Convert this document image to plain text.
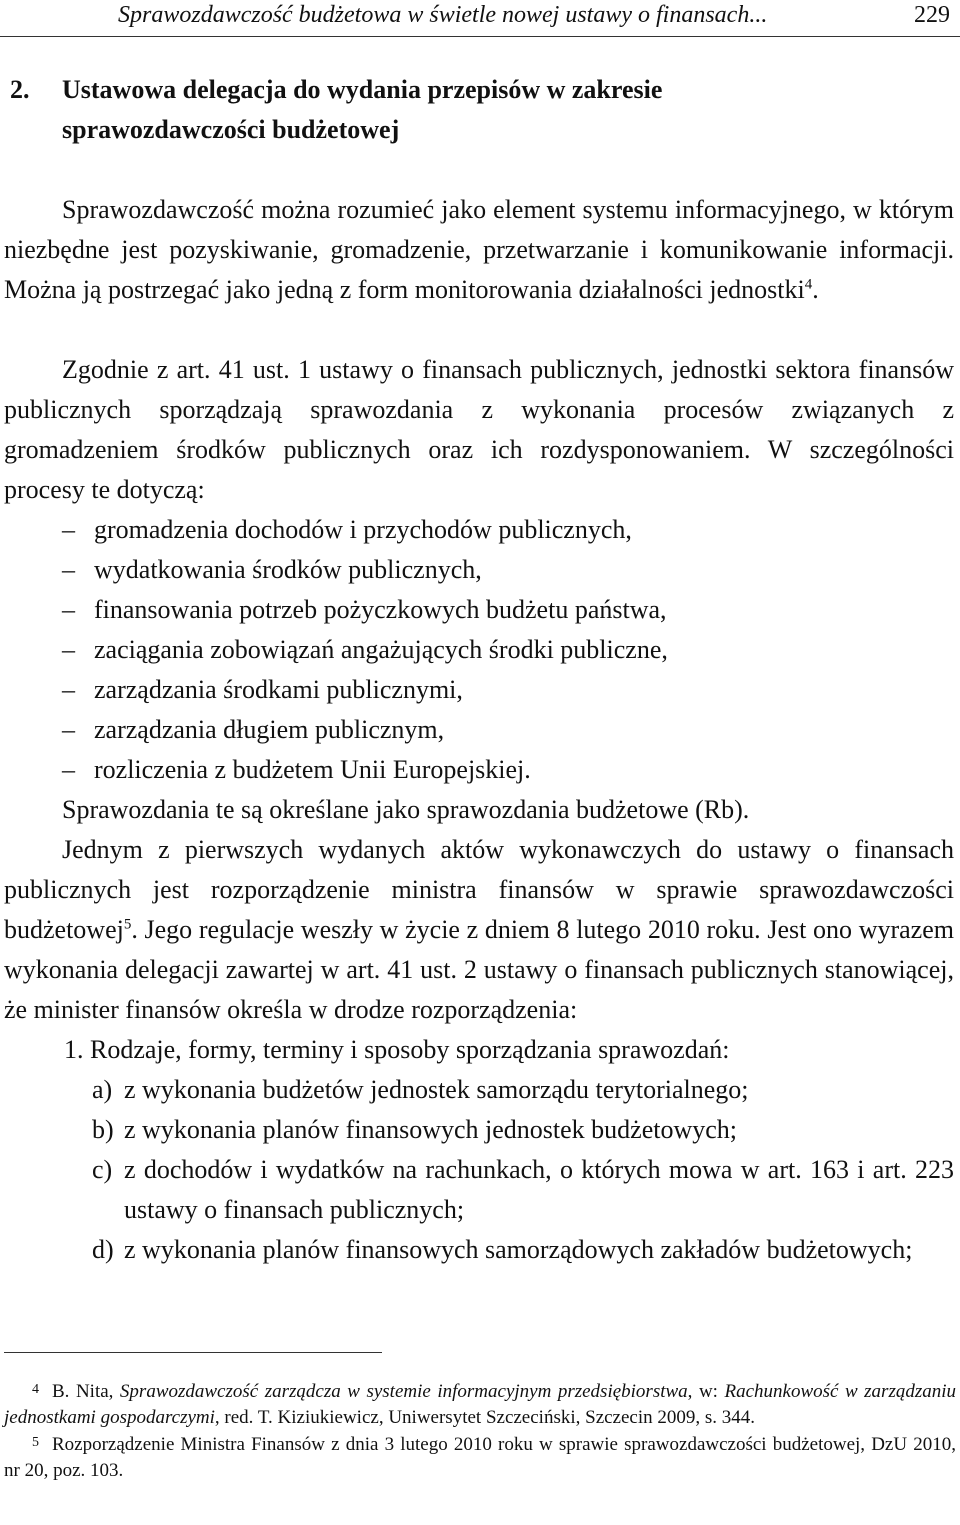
Sprawozdawczość budżetowa w świetle nowej ustawy o finansach...	229
2. Ustawowa delegacja do wydania przepisów w zakresie
sprawozdawczości budżetowej

Sprawozdawczość można rozumieć jako element systemu informacyjnego, w którym niezbędne jest pozyskiwanie, gromadzenie, przetwarzanie i komunikowanie informacji. Można ją postrzegać jako jedną z form monitorowania działalności jednostki$^4$.

Zgodnie z art. 41 ust. 1 ustawy o finansach publicznych, jednostki sektora finansów publicznych sporządzają sprawozdania z wykonania procesów związanych z gromadzeniem środków publicznych oraz ich rozdysponowaniem. W szczególności procesy te dotyczą:

– gromadzenia dochodów i przychodów publicznych,
– wydatkowania środków publicznych,
– finansowania potrzeb pożyczkowych budżetu państwa,
– zaciągania zobowiązań angażujących środki publiczne,
– zarządzania środkami publicznymi,
– zarządzania długiem publicznym,
– rozliczenia z budżetem Unii Europejskiej.

Sprawozdania te są określane jako sprawozdania budżetowe (Rb).

Jednym z pierwszych wydanych aktów wykonawczych do ustawy o finansach publicznych jest rozporządzenie ministra finansów w sprawie sprawozdawczości budżetowej$^5$. Jego regulacje weszły w życie z dniem 8 lutego 2010 roku. Jest ono wyrazem wykonania delegacji zawartej w art. 41 ust. 2 ustawy o finansach publicznych stanowiącej, że minister finansów określa w drodze rozporządzenia:

1. Rodzaje, formy, terminy i sposoby sporządzania sprawozdań:
a) z wykonania budżetów jednostek samorządu terytorialnego;
b) z wykonania planów finansowych jednostek budżetowych;
c) z dochodów i wydatków na rachunkach, o których mowa w art. 163 i art. 223 ustawy o finansach publicznych;
d) z wykonania planów finansowych samorządowych zakładów budżetowych;
4 B. Nita, Sprawozdawczość zarządcza w systemie informacyjnym przedsiębiorstwa, w: Rachunkowość w zarządzaniu jednostkami gospodarczymi, red. T. Kiziukiewicz, Uniwersytet Szczeciński, Szczecin 2009, s. 344.
5 Rozporządzenie Ministra Finansów z dnia 3 lutego 2010 roku w sprawie sprawozdawczości budżetowej, DzU 2010, nr 20, poz. 103.
